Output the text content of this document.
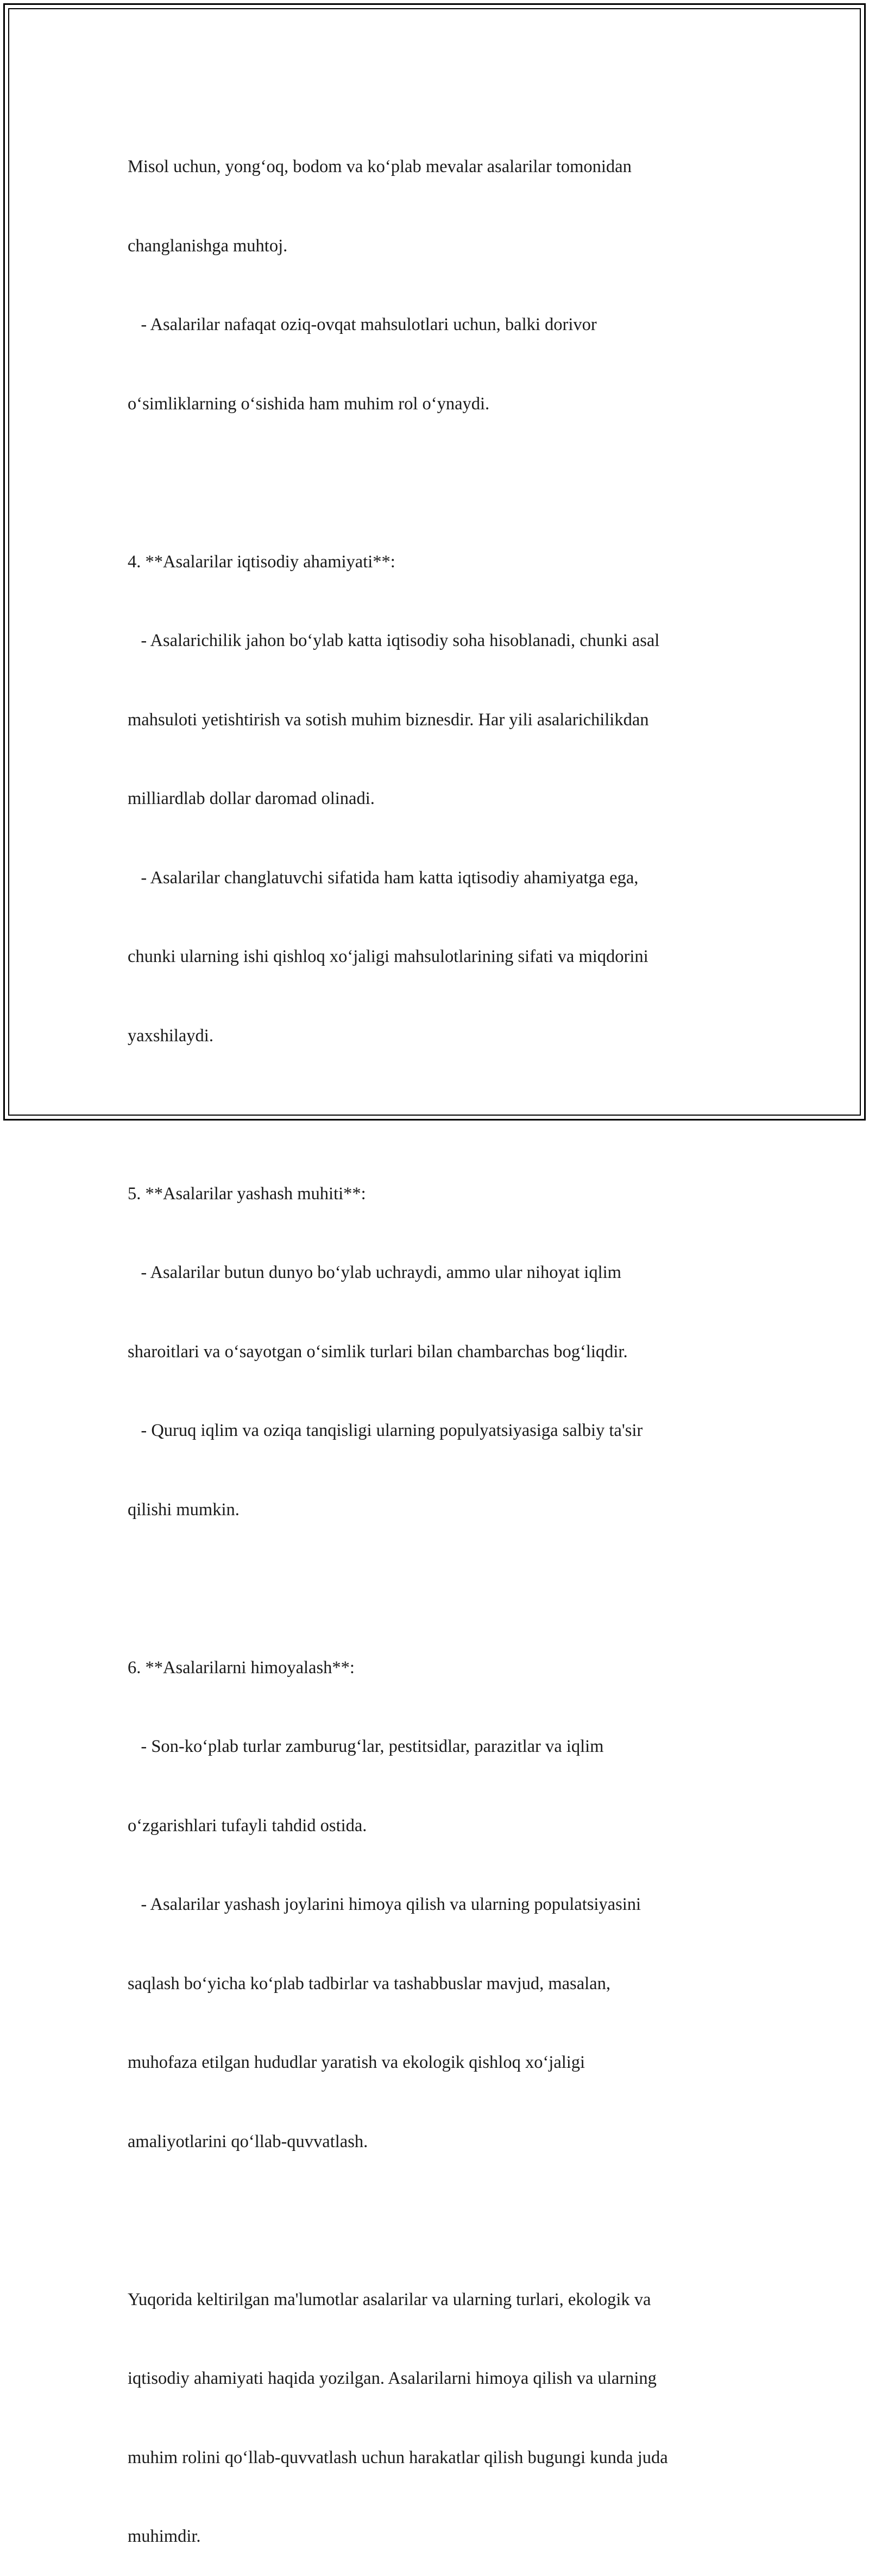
Misol uchun, yong‘oq, bodom va ko‘plab mevalar asalarilar tomonidan

changlanishga muhtoj.

- Asalarilar nafaqat oziq-ovqat mahsulotlari uchun, balki dorivor

o‘simliklarning o‘sishida ham muhim rol o‘ynaydi.

4. **Asalarilar iqtisodiy ahamiyati**:

- Asalarichilik jahon bo‘ylab katta iqtisodiy soha hisoblanadi, chunki asal

mahsuloti yetishtirish va sotish muhim biznesdir. Har yili asalarichilikdan

milliardlab dollar daromad olinadi.

- Asalarilar changlatuvchi sifatida ham katta iqtisodiy ahamiyatga ega,

chunki ularning ishi qishloq xo‘jaligi mahsulotlarining sifati va miqdorini

yaxshilaydi.

5. **Asalarilar yashash muhiti**:

- Asalarilar butun dunyo bo‘ylab uchraydi, ammo ular nihoyat iqlim

sharoitlari va o‘sayotgan o‘simlik turlari bilan chambarchas bog‘liqdir.

- Quruq iqlim va oziqa tanqisligi ularning populyatsiyasiga salbiy ta'sir

qilishi mumkin.

6. **Asalarilarni himoyalash**:

- Son-ko‘plab turlar zamburug‘lar, pestitsidlar, parazitlar va iqlim

o‘zgarishlari tufayli tahdid ostida.

- Asalarilar yashash joylarini himoya qilish va ularning populatsiyasini

saqlash bo‘yicha ko‘plab tadbirlar va tashabbuslar mavjud, masalan,

muhofaza etilgan hududlar yaratish va ekologik qishloq xo‘jaligi

amaliyotlarini qo‘llab-quvvatlash.

Yuqorida keltirilgan ma'lumotlar asalarilar va ularning turlari, ekologik va

iqtisodiy ahamiyati haqida yozilgan. Asalarilarni himoya qilish va ularning

muhim rolini qo‘llab-quvvatlash uchun harakatlar qilish bugungi kunda juda

muhimdir.
